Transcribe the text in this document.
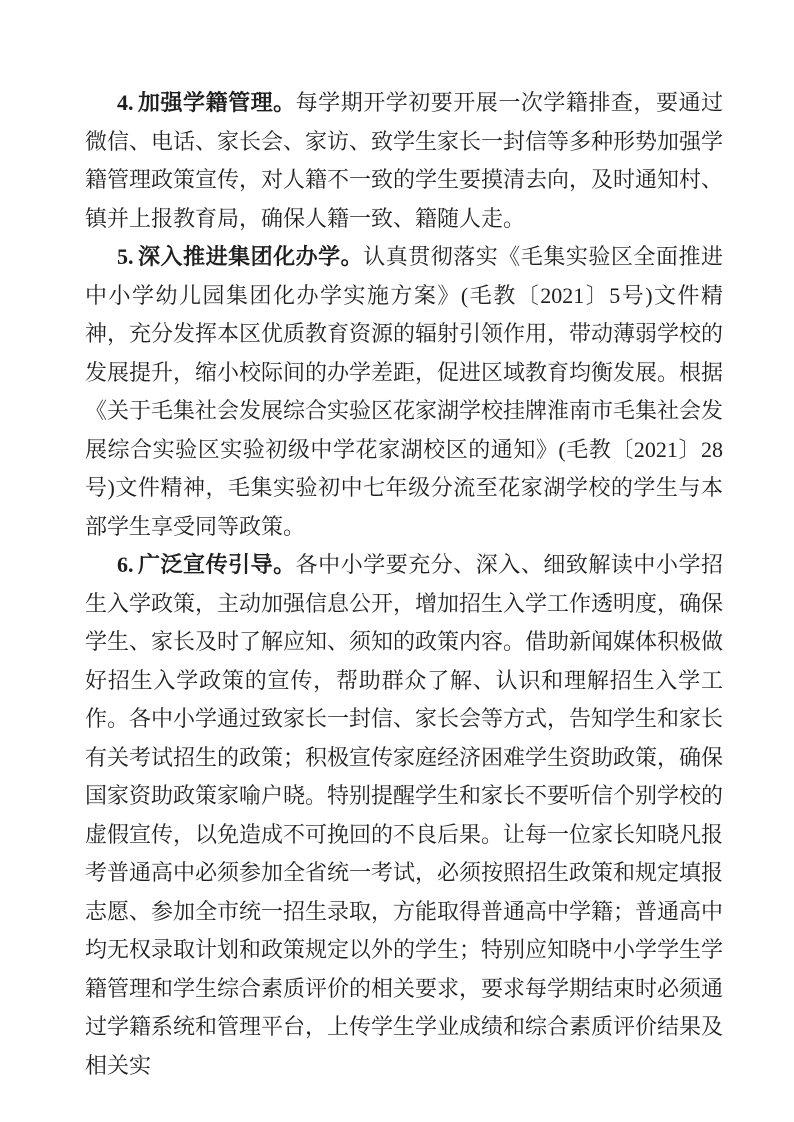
4. 加强学籍管理。每学期开学初要开展一次学籍排查，要通过微信、电话、家长会、家访、致学生家长一封信等多种形势加强学籍管理政策宣传，对人籍不一致的学生要摸清去向，及时通知村、镇并上报教育局，确保人籍一致、籍随人走。

5. 深入推进集团化办学。认真贯彻落实《毛集实验区全面推进中小学幼儿园集团化办学实施方案》(毛教〔2021〕5号)文件精神，充分发挥本区优质教育资源的辐射引领作用，带动薄弱学校的发展提升，缩小校际间的办学差距，促进区域教育均衡发展。根据《关于毛集社会发展综合实验区花家湖学校挂牌淮南市毛集社会发展综合实验区实验初级中学花家湖校区的通知》(毛教〔2021〕28 号)文件精神，毛集实验初中七年级分流至花家湖学校的学生与本部学生享受同等政策。

6. 广泛宣传引导。各中小学要充分、深入、细致解读中小学招生入学政策，主动加强信息公开，增加招生入学工作透明度，确保学生、家长及时了解应知、须知的政策内容。借助新闻媒体积极做好招生入学政策的宣传，帮助群众了解、认识和理解招生入学工作。各中小学通过致家长一封信、家长会等方式，告知学生和家长有关考试招生的政策；积极宣传家庭经济困难学生资助政策，确保国家资助政策家喻户晓。特别提醒学生和家长不要听信个别学校的虚假宣传，以免造成不可挽回的不良后果。让每一位家长知晓凡报考普通高中必须参加全省统一考试，必须按照招生政策和规定填报志愿、参加全市统一招生录取，方能取得普通高中学籍；普通高中均无权录取计划和政策规定以外的学生；特别应知晓中小学学生学籍管理和学生综合素质评价的相关要求，要求每学期结束时必须通过学籍系统和管理平台，上传学生学业成绩和综合素质评价结果及相关实
